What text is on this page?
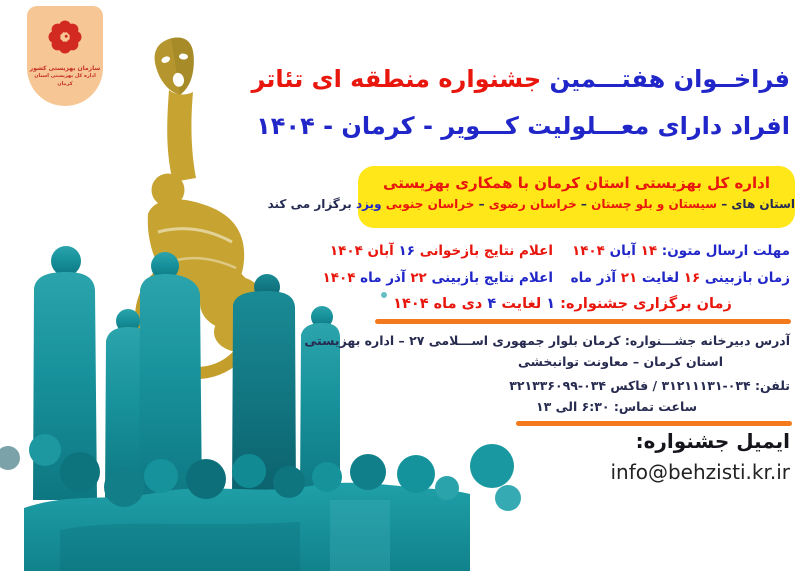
سازمان بهزیستی کشور
اداره کل بهزیستی استان کرمان	فراخــوان هفتـــمین جشنواره منطقه ای تئاتر
افراد دارای معـــلولیت کـــویر - کرمان - ۱۴۰۴
اداره کل بهزیستی استان کرمان با همکاری بهزیستی
استان های – سیستان و بلو چستان – خراسان رضوی – خراسان جنوبی ویزد برگزار می کند
مهلت ارسال متون: ۱۴ آبان ۱۴۰۴
زمان بازبینی ۱۶ لغایت ۲۱ آذر ماه
اعلام نتایج بازخوانی ۱۶ آبان ۱۴۰۴
اعلام نتایج بازبینی ۲۲ آذر ماه ۱۴۰۴
زمان برگزاری جشنواره: ۱ لغایت ۴ دی ماه ۱۴۰۴
آدرس دبیرخانه جشـــنواره: کرمان بلوار جمهوری اســـلامی ۲۷ – اداره بهزیستی
استان کرمان – معاونت توانبخشی
تلفن: ۰۳۴-۳۱۲۱۱۱۳۱ / فاکس ۰۳۴-۳۲۱۳۳۶۰۹۹
ساعت تماس: ۶:۳۰ الی ۱۳
ایمیل جشنواره:
info@behzisti.kr.ir
